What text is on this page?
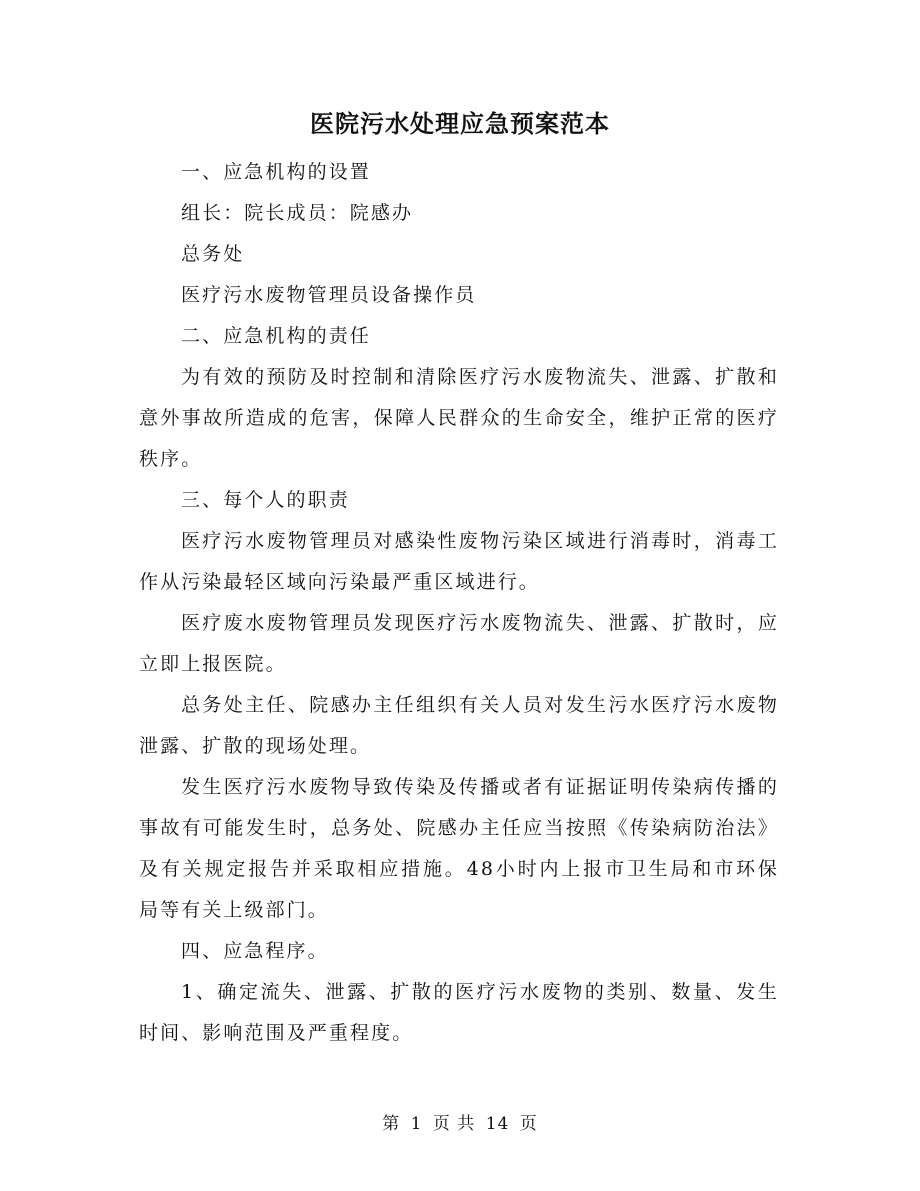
医院污水处理应急预案范本

一、应急机构的设置

组长：院长成员：院感办

总务处

医疗污水废物管理员设备操作员

二、应急机构的责任

为有效的预防及时控制和清除医疗污水废物流失、泄露、扩散和意外事故所造成的危害，保障人民群众的生命安全，维护正常的医疗秩序。

三、每个人的职责

医疗污水废物管理员对感染性废物污染区域进行消毒时，消毒工作从污染最轻区域向污染最严重区域进行。

医疗废水废物管理员发现医疗污水废物流失、泄露、扩散时，应立即上报医院。

总务处主任、院感办主任组织有关人员对发生污水医疗污水废物泄露、扩散的现场处理。

发生医疗污水废物导致传染及传播或者有证据证明传染病传播的事故有可能发生时，总务处、院感办主任应当按照《传染病防治法》及有关规定报告并采取相应措施。48小时内上报市卫生局和市环保局等有关上级部门。

四、应急程序。

1、确定流失、泄露、扩散的医疗污水废物的类别、数量、发生时间、影响范围及严重程度。

第 1 页 共 14 页
